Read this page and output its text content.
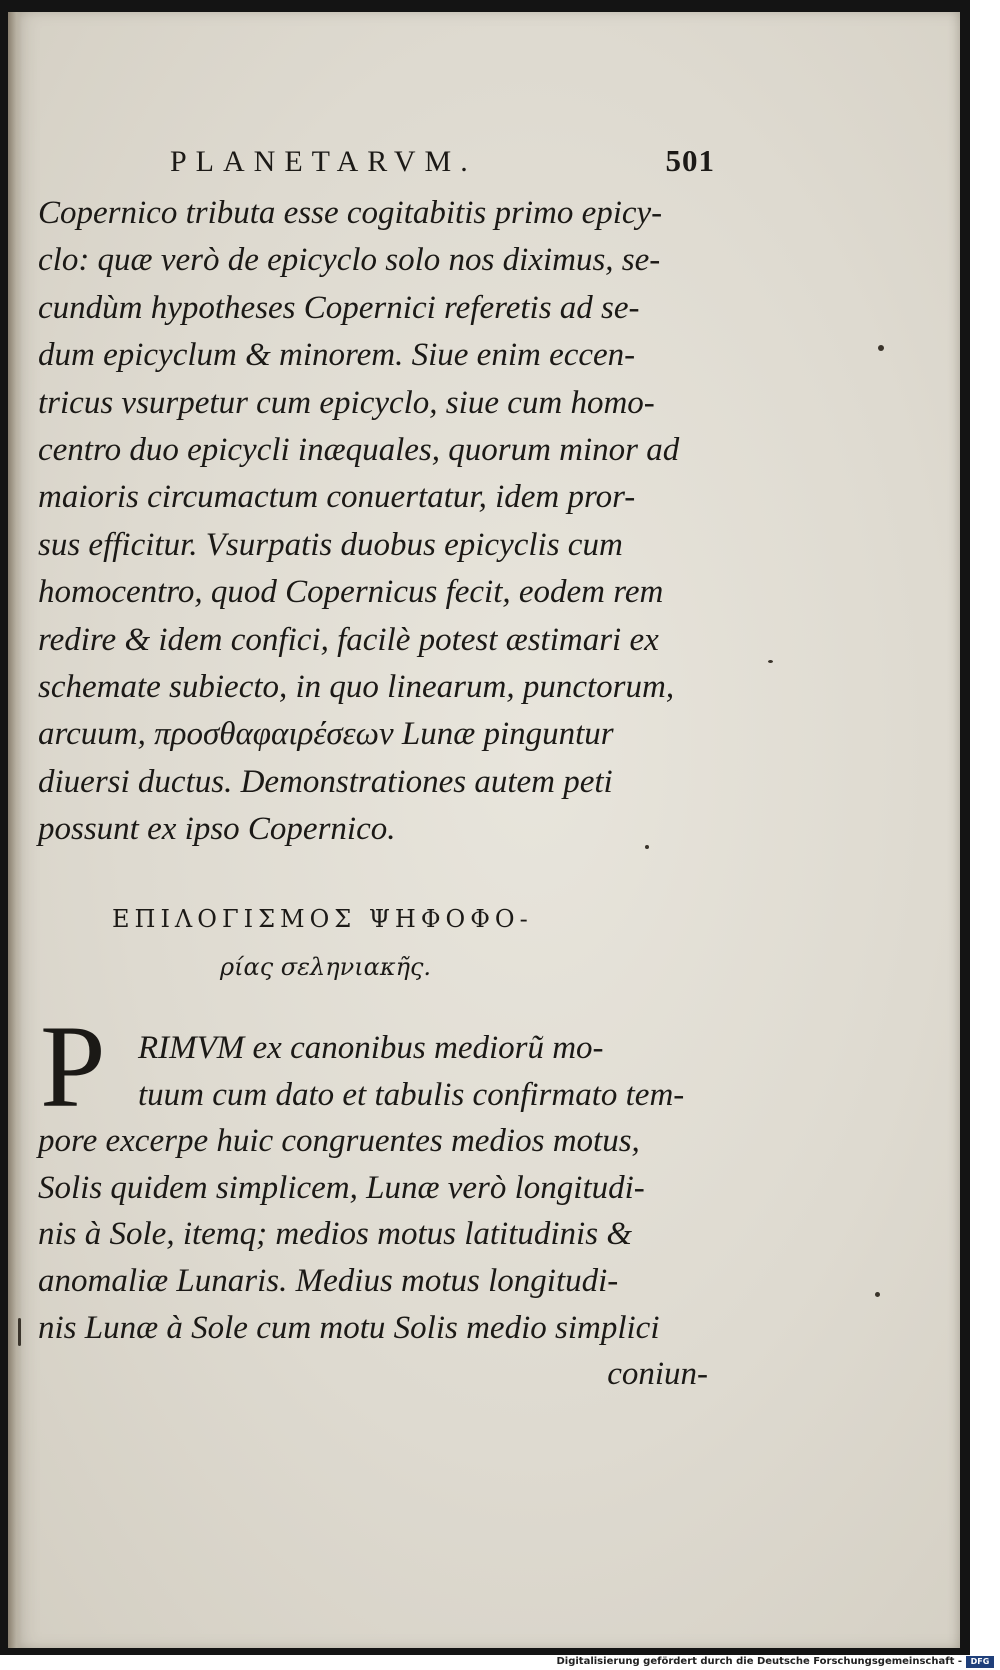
PLANETARVM.	501
Copernico tributa esse cogitabitis primo epicy-
clo: quæ verò de epicyclo solo nos diximus, se-
cundùm hypotheses Copernici referetis ad se-
dum epicyclum & minorem. Siue enim eccen-
tricus vsurpetur cum epicyclo, siue cum homo-
centro duo epicycli inæquales, quorum minor ad
maioris circumactum conuertatur, idem pror-
sus efficitur. Vsurpatis duobus epicyclis cum
homocentro, quod Copernicus fecit, eodem rem
redire & idem confici, facilè potest æstimari ex
schemate subiecto, in quo linearum, punctorum,
arcuum, προσθαφαιρέσεων Lunæ pinguntur
diuersi ductus. Demonstrationes autem peti
possunt ex ipso Copernico.
ΕΠΙΛΟΓΙΣΜΟΣ ΨΗΦΟΦΟ-
ρίας σεληνιακῆς.
P RIMVM ex canonibus mediorũ mo-
tuum cum dato et tabulis confirmato tem-
pore excerpe huic congruentes medios motus,
Solis quidem simplicem, Lunæ verò longitudi-
nis à Sole, itemq; medios motus latitudinis &
anomaliæ Lunaris. Medius motus longitudi-
nis Lunæ à Sole cum motu Solis medio simplici
coniun-
Digitalisierung gefördert durch die Deutsche Forschungsgemeinschaft -	DFG
